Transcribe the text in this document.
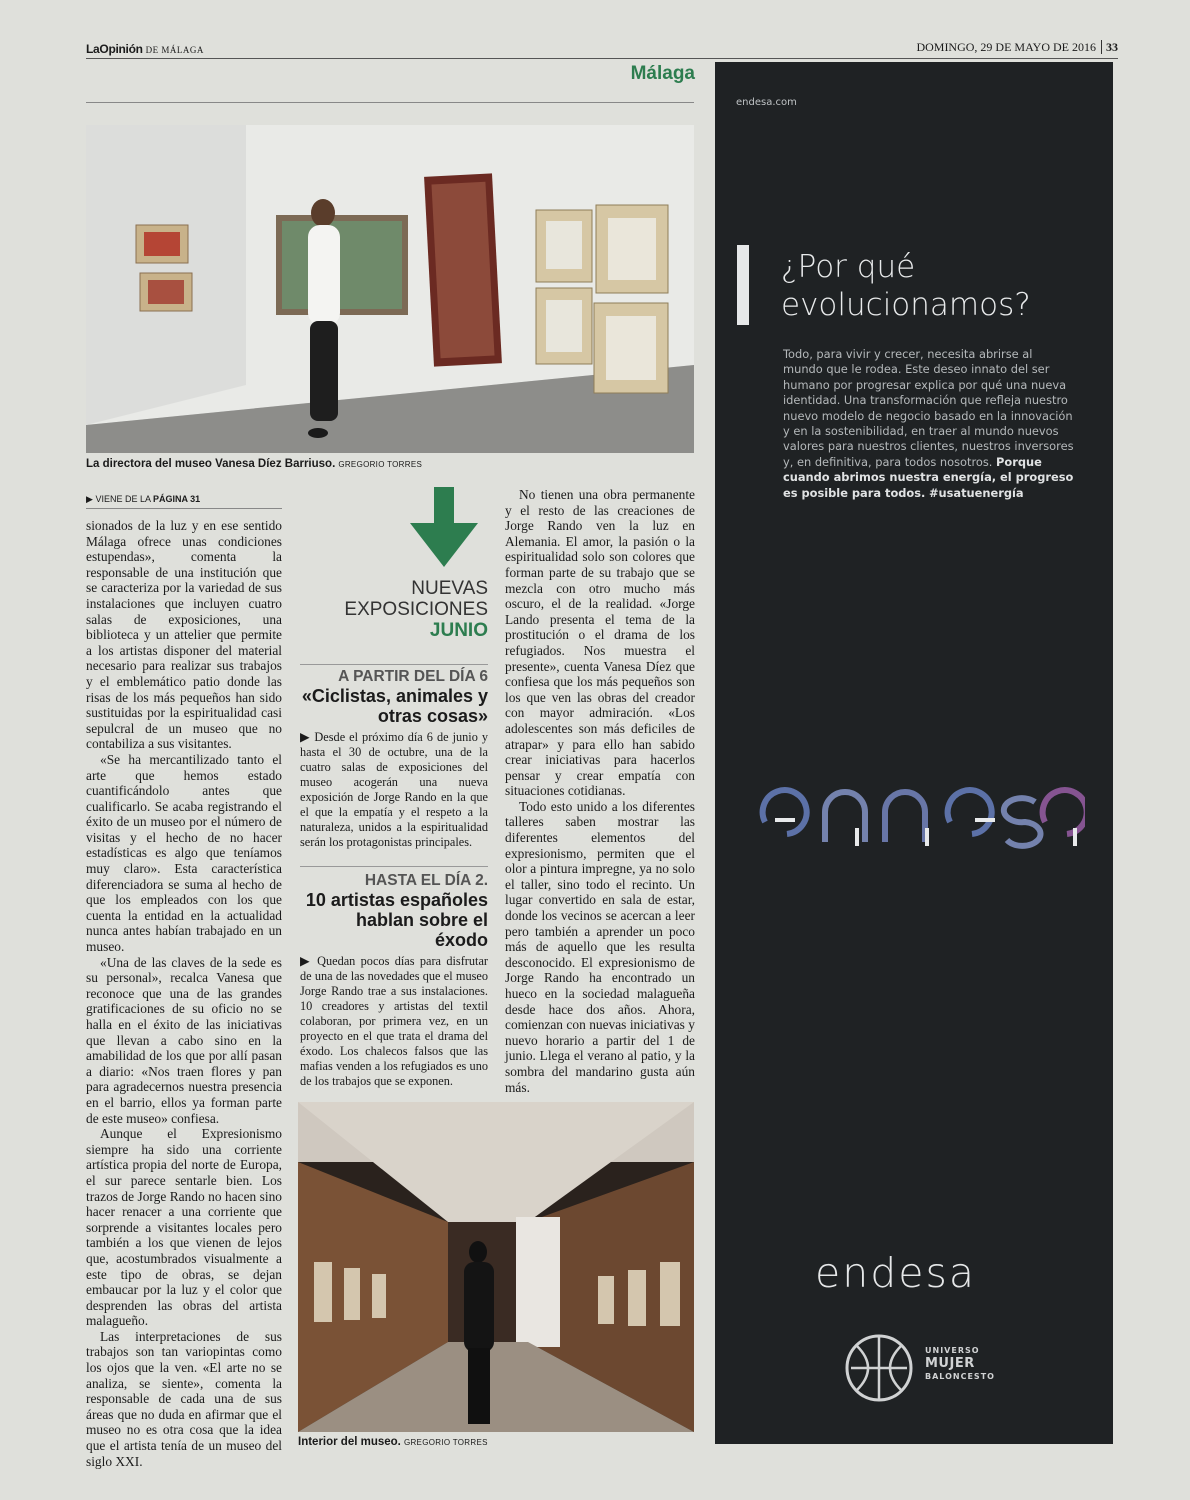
LaOpinión DE MÁLAGA	DOMINGO, 29 DE MAYO DE 2016 33
Málaga
La directora del museo Vanesa Díez Barriuso. GREGORIO TORRES
▶ VIENE DE LA PÁGINA 31

sionados de la luz y en ese sentido Málaga ofrece unas condiciones estupendas», comenta la responsable de una institución que se caracteriza por la variedad de sus instalaciones que incluyen cuatro salas de exposiciones, una biblioteca y un attelier que permite a los artistas disponer del material necesario para realizar sus trabajos y el emblemático patio donde las risas de los más pequeños han sido sustituidas por la espiritualidad casi sepulcral de un museo que no contabiliza a sus visitantes.

«Se ha mercantilizado tanto el arte que hemos estado cuantificándolo antes que cualificarlo. Se acaba registrando el éxito de un museo por el número de visitas y el hecho de no hacer estadísticas es algo que teníamos muy claro». Esta característica diferenciadora se suma al hecho de que los empleados con los que cuenta la entidad en la actualidad nunca antes habían trabajado en un museo.

«Una de las claves de la sede es su personal», recalca Vanesa que reconoce que una de las grandes gratificaciones de su oficio no se halla en el éxito de las iniciativas que llevan a cabo sino en la amabilidad de los que por allí pasan a diario: «Nos traen flores y pan para agradecernos nuestra presencia en el barrio, ellos ya forman parte de este museo» confiesa.

Aunque el Expresionismo siempre ha sido una corriente artística propia del norte de Europa, el sur parece sentarle bien. Los trazos de Jorge Rando no hacen sino hacer renacer a una corriente que sorprende a visitantes locales pero también a los que vienen de lejos que, acostumbrados visualmente a este tipo de obras, se dejan embaucar por la luz y el color que desprenden las obras del artista malagueño.

Las interpretaciones de sus trabajos son tan variopintas como los ojos que la ven. «El arte no se analiza, se siente», comenta la responsable de cada una de sus áreas que no duda en afirmar que el museo no es otra cosa que la idea que el artista tenía de un museo del siglo XXI.

NUEVAS
EXPOSICIONES
JUNIO
A PARTIR DEL DÍA 6
«Ciclistas, animales y otras cosas»
▶ Desde el próximo día 6 de junio y hasta el 30 de octubre, una de la cuatro salas de exposiciones del museo acogerán una nueva exposición de Jorge Rando en la que el que la empatía y el respeto a la naturaleza, unidos a la espiritualidad serán los protagonistas principales.
HASTA EL DÍA 2.
10 artistas españoles hablan sobre el éxodo
▶ Quedan pocos días para disfrutar de una de las novedades que el museo Jorge Rando trae a sus instalaciones. 10 creadores y artistas del textil colaboran, por primera vez, en un proyecto en el que trata el drama del éxodo. Los chalecos falsos que las mafias venden a los refugiados es uno de los trabajos que se exponen.

No tienen una obra permanente y el resto de las creaciones de Jorge Rando ven la luz en Alemania. El amor, la pasión o la espiritualidad solo son colores que forman parte de su trabajo que se mezcla con otro mucho más oscuro, el de la realidad. «Jorge Lando presenta el tema de la prostitución o el drama de los refugiados. Nos muestra el presente», cuenta Vanesa Díez que confiesa que los más pequeños son los que ven las obras del creador con mayor admiración. «Los adolescentes son más deficiles de atrapar» y para ello han sabido crear iniciativas para hacerlos pensar y crear empatía con situaciones cotidianas.

Todo esto unido a los diferentes talleres saben mostrar las diferentes elementos del expresionismo, permiten que el olor a pintura impregne, ya no solo el taller, sino todo el recinto. Un lugar convertido en sala de estar, donde los vecinos se acercan a leer pero también a aprender un poco más de aquello que les resulta desconocido. El expresionismo de Jorge Rando ha encontrado un hueco en la sociedad malagueña desde hace dos años. Ahora, comienzan con nuevas iniciativas y nuevo horario a partir del 1 de junio. Llega el verano al patio, y la sombra del mandarino gusta aún más.

Interior del museo. GREGORIO TORRES
endesa.com
¿Por qué
evolucionamos?
Todo, para vivir y crecer, necesita abrirse al mundo que le rodea. Este deseo innato del ser humano por progresar explica por qué una nueva identidad. Una transformación que refleja nuestro nuevo modelo de negocio basado en la innovación y en la sostenibilidad, en traer al mundo nuevos valores para nuestros clientes, nuestros inversores y, en definitiva, para todos nosotros. Porque cuando abrimos nuestra energía, el progreso es posible para todos. #usatuenergía
endesa
UNIVERSO
MUJER
BALONCESTO
